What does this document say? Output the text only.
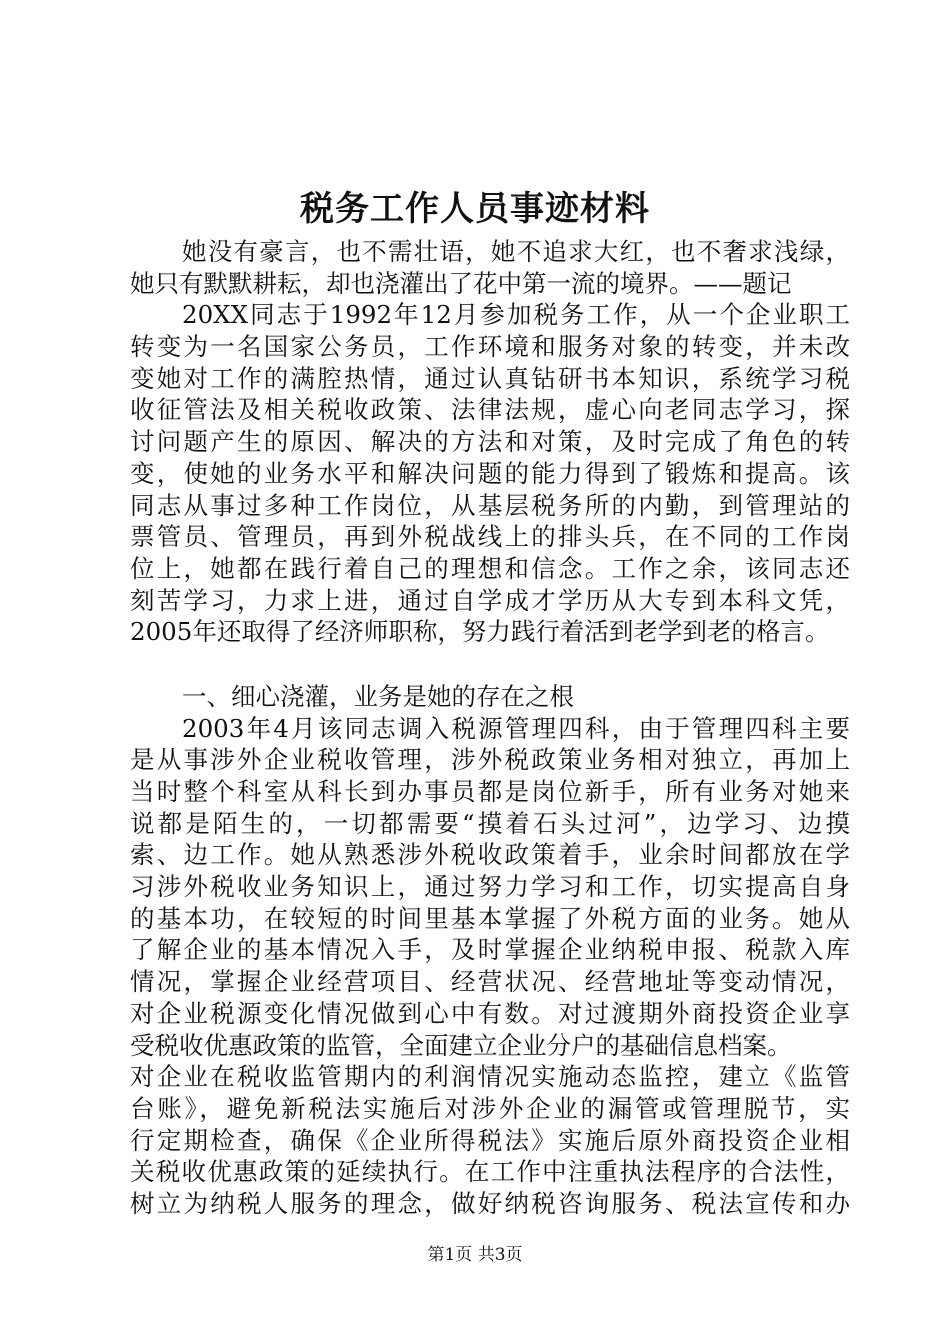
税务工作人员事迹材料
她没有豪言，也不需壮语，她不追求大红，也不奢求浅绿，
她只有默默耕耘，却也浇灌出了花中第一流的境界。——题记
20XX同志于1992年12月参加税务工作，从一个企业职工
转变为一名国家公务员，工作环境和服务对象的转变，并未改
变她对工作的满腔热情，通过认真钻研书本知识，系统学习税
收征管法及相关税收政策、法律法规，虚心向老同志学习，探
讨问题产生的原因、解决的方法和对策，及时完成了角色的转
变，使她的业务水平和解决问题的能力得到了锻炼和提高。该
同志从事过多种工作岗位，从基层税务所的内勤，到管理站的
票管员、管理员，再到外税战线上的排头兵，在不同的工作岗
位上，她都在践行着自己的理想和信念。工作之余，该同志还
刻苦学习，力求上进，通过自学成才学历从大专到本科文凭，
2005年还取得了经济师职称，努力践行着活到老学到老的格言。
一、细心浇灌，业务是她的存在之根
2003年4月该同志调入税源管理四科，由于管理四科主要
是从事涉外企业税收管理，涉外税政策业务相对独立，再加上
当时整个科室从科长到办事员都是岗位新手，所有业务对她来
说都是陌生的，一切都需要“摸着石头过河”，边学习、边摸
索、边工作。她从熟悉涉外税收政策着手，业余时间都放在学
习涉外税收业务知识上，通过努力学习和工作，切实提高自身
的基本功，在较短的时间里基本掌握了外税方面的业务。她从
了解企业的基本情况入手，及时掌握企业纳税申报、税款入库
情况，掌握企业经营项目、经营状况、经营地址等变动情况，
对企业税源变化情况做到心中有数。对过渡期外商投资企业享
受税收优惠政策的监管，全面建立企业分户的基础信息档案。
对企业在税收监管期内的利润情况实施动态监控，建立《监管
台账》，避免新税法实施后对涉外企业的漏管或管理脱节，实
行定期检查，确保《企业所得税法》实施后原外商投资企业相
关税收优惠政策的延续执行。在工作中注重执法程序的合法性，
树立为纳税人服务的理念，做好纳税咨询服务、税法宣传和办
第1页 共3页
